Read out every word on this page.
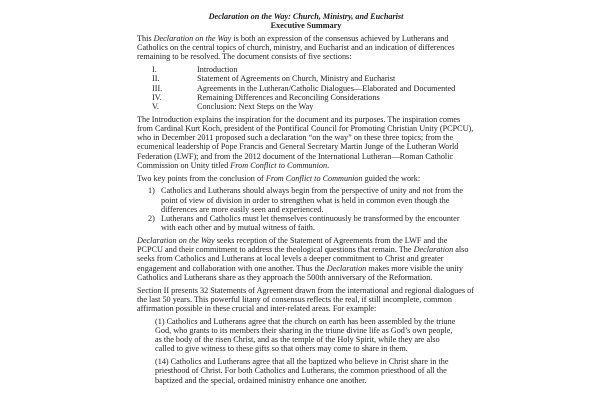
Declaration on the Way: Church, Ministry, and Eucharist
Executive Summary

This Declaration on the Way is both an expression of the consensus achieved by Lutherans and Catholics on the central topics of church, ministry, and Eucharist and an indication of differences remaining to be resolved. The document consists of five sections:

I.	Introduction
II.	Statement of Agreements on Church, Ministry and Eucharist
III.	Agreements in the Lutheran/Catholic Dialogues—Elaborated and Documented
IV.	Remaining Differences and Reconciling Considerations
V.	Conclusion: Next Steps on the Way

The Introduction explains the inspiration for the document and its purposes. The inspiration comes from Cardinal Kurt Koch, president of the Pontifical Council for Promoting Christian Unity (PCPCU), who in December 2011 proposed such a declaration “on the way” on these three topics; from the ecumenical leadership of Pope Francis and General Secretary Martin Junge of the Lutheran World Federation (LWF); and from the 2012 document of the International Lutheran—Roman Catholic Commission on Unity titled From Conflict to Communion.

Two key points from the conclusion of From Conflict to Communion guided the work:

1) Catholics and Lutherans should always begin from the perspective of unity and not from the point of view of division in order to strengthen what is held in common even though the differences are more easily seen and experienced.
2) Lutherans and Catholics must let themselves continuously be transformed by the encounter with each other and by mutual witness of faith.

Declaration on the Way seeks reception of the Statement of Agreements from the LWF and the PCPCU and their commitment to address the theological questions that remain. The Declaration also seeks from Catholics and Lutherans at local levels a deeper commitment to Christ and greater engagement and collaboration with one another. Thus the Declaration makes more visible the unity Catholics and Lutherans share as they approach the 500th anniversary of the Reformation.

Section II presents 32 Statements of Agreement drawn from the international and regional dialogues of the last 50 years. This powerful litany of consensus reflects the real, if still incomplete, common affirmation possible in these crucial and inter-related areas. For example:

(1) Catholics and Lutherans agree that the church on earth has been assembled by the triune God, who grants to its members their sharing in the triune divine life as God’s own people, as the body of the risen Christ, and as the temple of the Holy Spirit, while they are also called to give witness to these gifts so that others may come to share in them.

(14) Catholics and Lutherans agree that all the baptized who believe in Christ share in the priesthood of Christ. For both Catholics and Lutherans, the common priesthood of all the baptized and the special, ordained ministry enhance one another.
